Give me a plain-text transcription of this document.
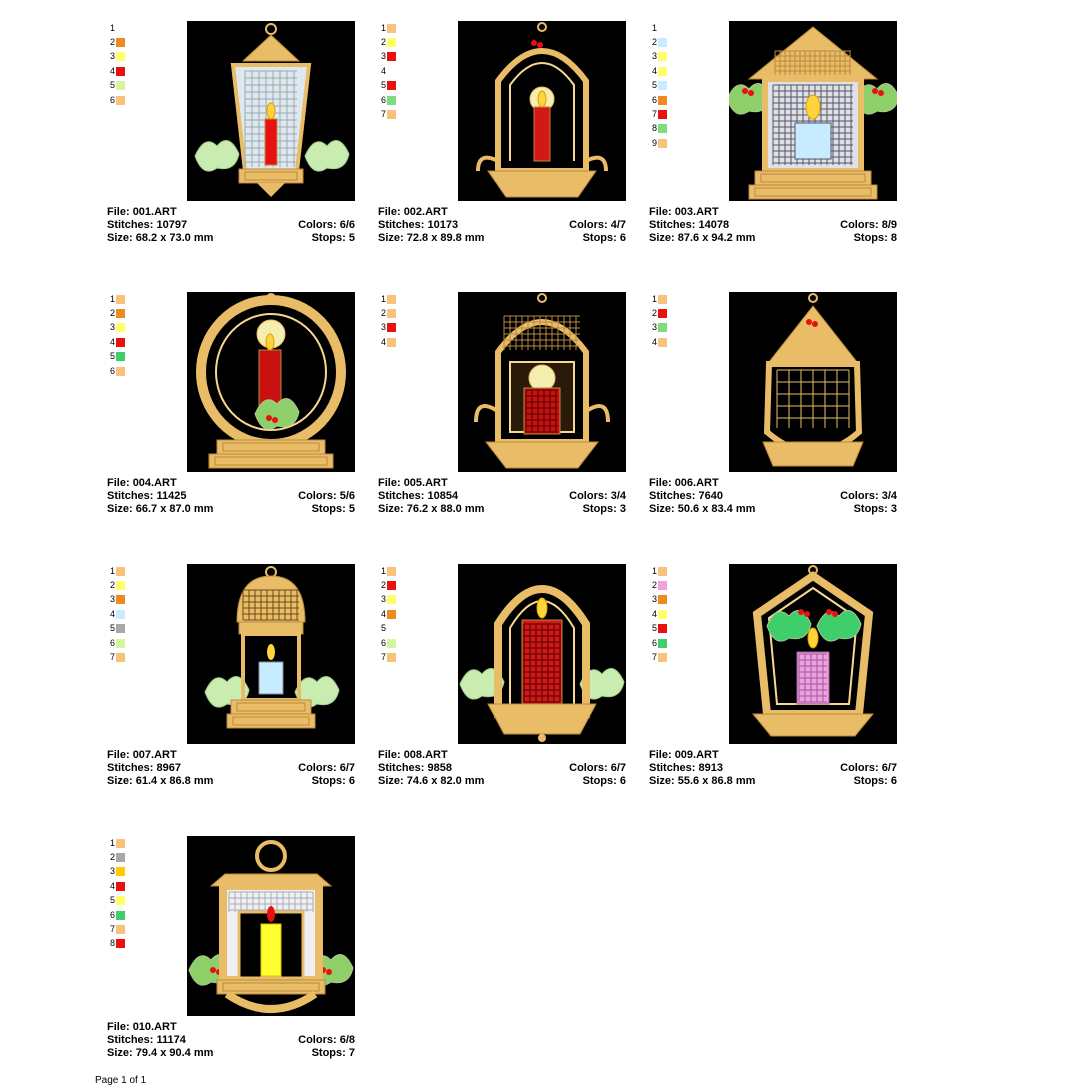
1
2
3
4
5
6
File: 001.ART
Stitches: 10797	Colors: 6/6
Size: 68.2 x 73.0 mm	Stops: 5
1
2
3
4
5
6
7
File: 002.ART
Stitches: 10173	Colors: 4/7
Size: 72.8 x 89.8 mm	Stops: 6
1
2
3
4
5
6
7
8
9
File: 003.ART
Stitches: 14078	Colors: 8/9
Size: 87.6 x 94.2 mm	Stops: 8
1
2
3
4
5
6
File: 004.ART
Stitches: 11425	Colors: 5/6
Size: 66.7 x 87.0 mm	Stops: 5
1
2
3
4
File: 005.ART
Stitches: 10854	Colors: 3/4
Size: 76.2 x 88.0 mm	Stops: 3
1
2
3
4
File: 006.ART
Stitches: 7640	Colors: 3/4
Size: 50.6 x 83.4 mm	Stops: 3
1
2
3
4
5
6
7
File: 007.ART
Stitches: 8967	Colors: 6/7
Size: 61.4 x 86.8 mm	Stops: 6
1
2
3
4
5
6
7
File: 008.ART
Stitches: 9858	Colors: 6/7
Size: 74.6 x 82.0 mm	Stops: 6
1
2
3
4
5
6
7
File: 009.ART
Stitches: 8913	Colors: 6/7
Size: 55.6 x 86.8 mm	Stops: 6
1
2
3
4
5
6
7
8
File: 010.ART
Stitches: 11174	Colors: 6/8
Size: 79.4 x 90.4 mm	Stops: 7
Page 1 of 1
